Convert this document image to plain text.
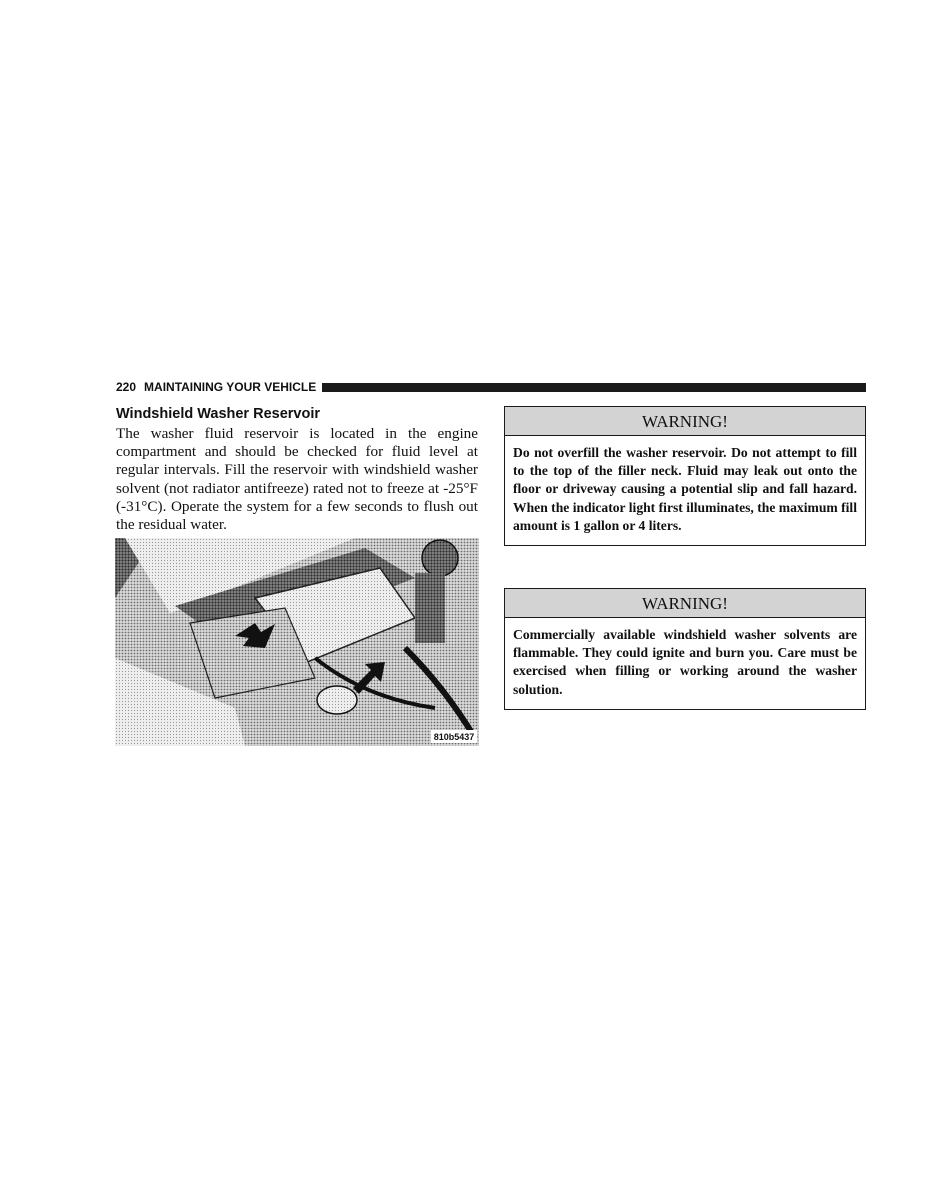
220 MAINTAINING YOUR VEHICLE
Windshield Washer Reservoir

The washer fluid reservoir is located in the engine compartment and should be checked for fluid level at regular intervals. Fill the reservoir with windshield washer solvent (not radiator antifreeze) rated not to freeze at -25°F (-31°C). Operate the system for a few seconds to flush out the residual water.

810b5437
WARNING!

Do not overfill the washer reservoir. Do not attempt to fill to the top of the filler neck. Fluid may leak out onto the floor or driveway causing a potential slip and fall hazard. When the indicator light first illuminates, the maximum fill amount is 1 gallon or 4 liters.

WARNING!

Commercially available windshield washer solvents are flammable. They could ignite and burn you. Care must be exercised when filling or working around the washer solution.
